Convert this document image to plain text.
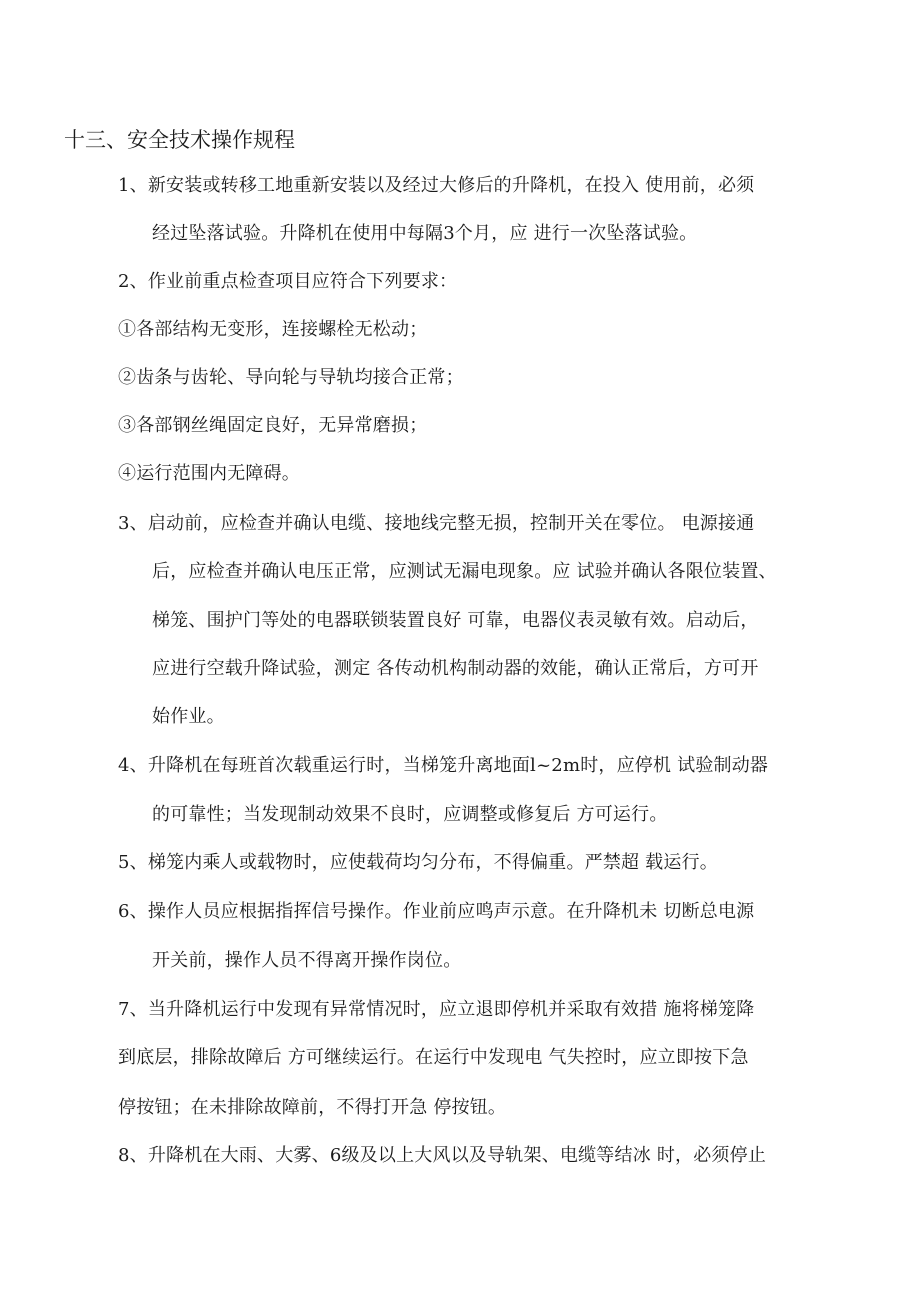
十三、安全技术操作规程
1、新安装或转移工地重新安装以及经过大修后的升降机，在投入 使用前，必须
经过坠落试验。升降机在使用中每隔3个月，应 进行一次坠落试验。
2、作业前重点检查项目应符合下列要求：
①各部结构无变形，连接螺栓无松动；
②齿条与齿轮、导向轮与导轨均接合正常；
③各部钢丝绳固定良好，无异常磨损；
④运行范围内无障碍。
3、启动前，应检查并确认电缆、接地线完整无损，控制开关在零位。 电源接通
后，应检查并确认电压正常，应测试无漏电现象。应 试验并确认各限位装置、
梯笼、围护门等处的电器联锁装置良好 可靠，电器仪表灵敏有效。启动后，
应进行空载升降试验，测定 各传动机构制动器的效能，确认正常后，方可开
始作业。
4、升降机在每班首次载重运行时，当梯笼升离地面l~2m时，应停机 试验制动器
的可靠性；当发现制动效果不良时，应调整或修复后 方可运行。
5、梯笼内乘人或载物时，应使载荷均匀分布，不得偏重。严禁超 载运行。
6、操作人员应根据指挥信号操作。作业前应鸣声示意。在升降机未 切断总电源
开关前，操作人员不得离开操作岗位。
7、当升降机运行中发现有异常情况时，应立退即停机并采取有效措 施将梯笼降
到底层，排除故障后 方可继续运行。在运行中发现电 气失控时，应立即按下急
停按钮；在未排除故障前，不得打开急 停按钮。
8、升降机在大雨、大雾、6级及以上大风以及导轨架、电缆等结冰 时，必须停止
